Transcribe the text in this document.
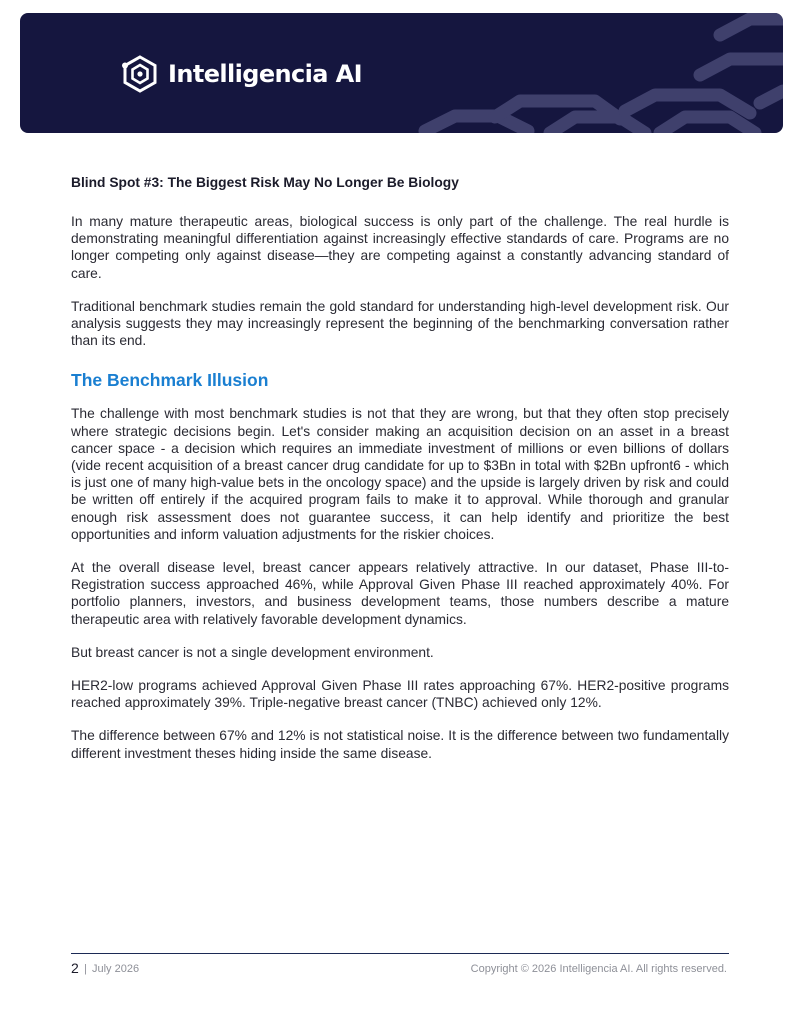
Intelligencia AI
Blind Spot #3: The Biggest Risk May No Longer Be Biology

In many mature therapeutic areas, biological success is only part of the challenge. The real hurdle is demonstrating meaningful differentiation against increasingly effective standards of care. Programs are no longer competing only against disease—they are competing against a constantly advancing standard of care.

Traditional benchmark studies remain the gold standard for understanding high-level development risk. Our analysis suggests they may increasingly represent the beginning of the benchmarking conversation rather than its end.

The Benchmark Illusion

The challenge with most benchmark studies is not that they are wrong, but that they often stop precisely where strategic decisions begin. Let's consider making an acquisition decision on an asset in a breast cancer space - a decision which requires an immediate investment of millions or even billions of dollars (vide recent acquisition of a breast cancer drug candidate for up to $3Bn in total with $2Bn upfront6 - which is just one of many high-value bets in the oncology space) and the upside is largely driven by risk and could be written off entirely if the acquired program fails to make it to approval. While thorough and granular enough risk assessment does not guarantee success, it can help identify and prioritize the best opportunities and inform valuation adjustments for the riskier choices.

At the overall disease level, breast cancer appears relatively attractive. In our dataset, Phase III-to-Registration success approached 46%, while Approval Given Phase III reached approximately 40%. For portfolio planners, investors, and business development teams, those numbers describe a mature therapeutic area with relatively favorable development dynamics.

But breast cancer is not a single development environment.

HER2-low programs achieved Approval Given Phase III rates approaching 67%. HER2-positive programs reached approximately 39%. Triple-negative breast cancer (TNBC) achieved only 12%.

The difference between 67% and 12% is not statistical noise. It is the difference between two fundamentally different investment theses hiding inside the same disease.

2 | July 2026	Copyright © 2026 Intelligencia AI. All rights reserved.
